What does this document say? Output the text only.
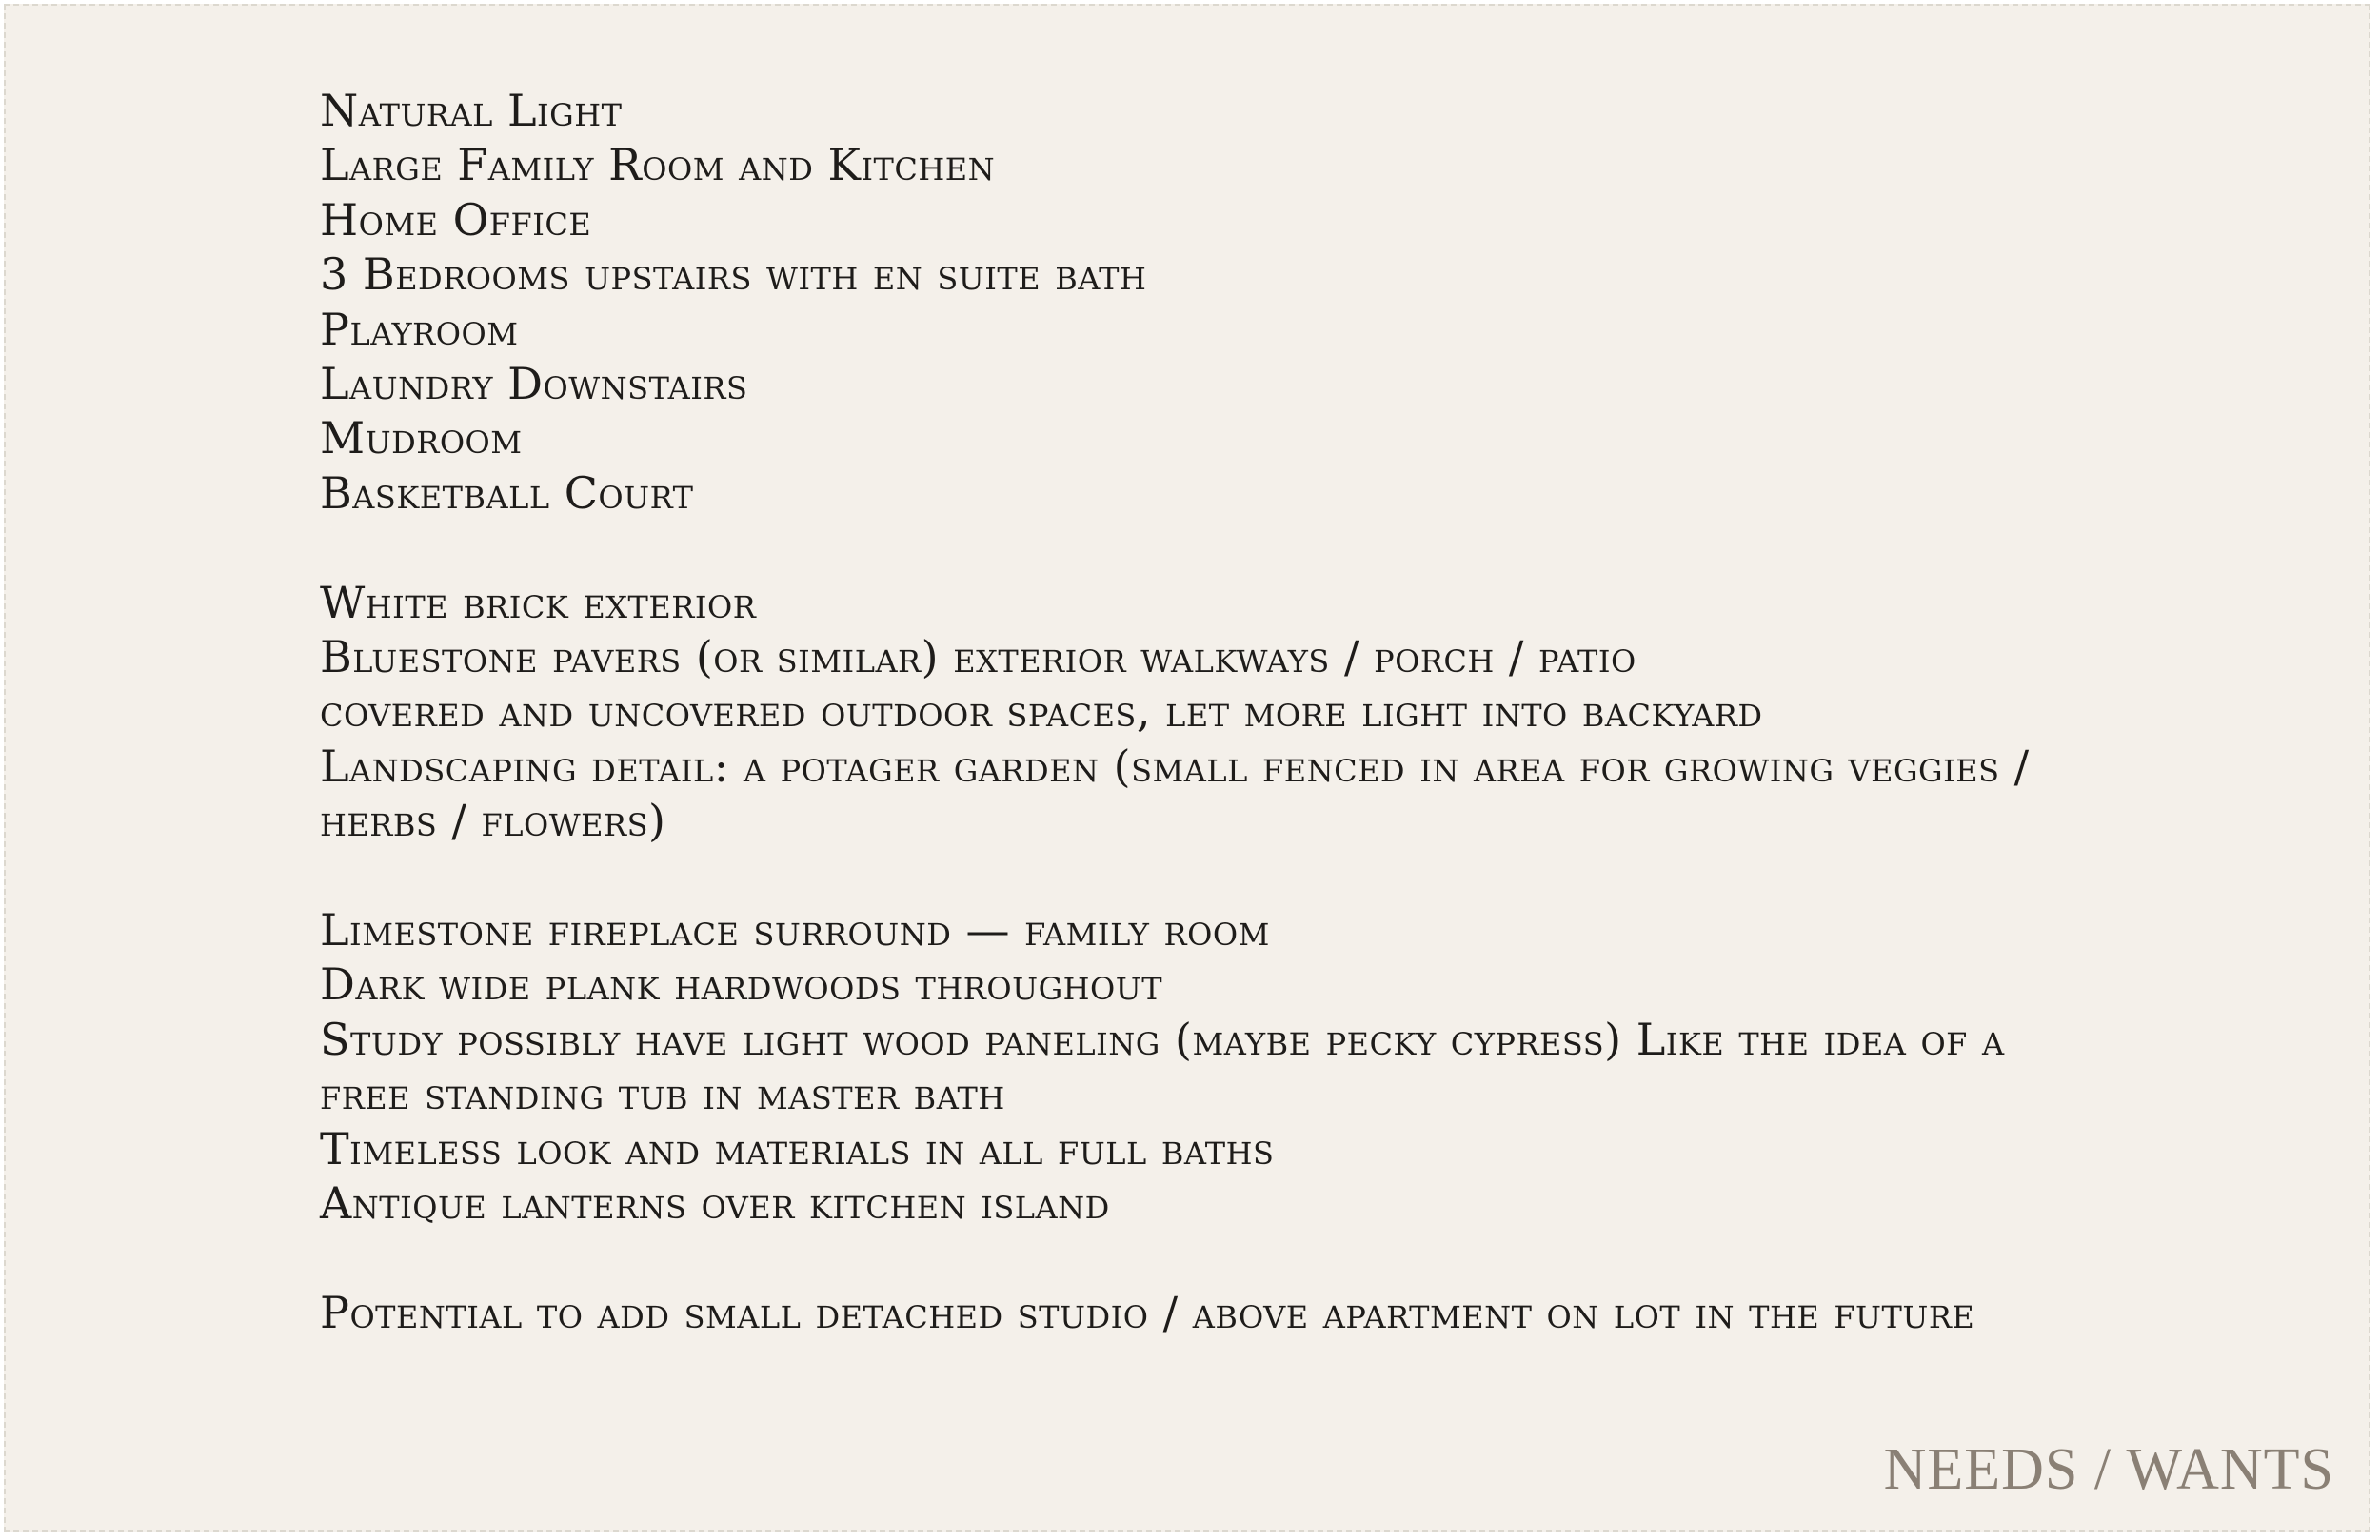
Natural Light
Large Family Room and Kitchen
Home Office
3 Bedrooms upstairs with en suite bath
Playroom
Laundry Downstairs
Mudroom
Basketball Court
White brick exterior
Bluestone pavers (or similar) exterior walkways / porch / patio
covered and uncovered outdoor spaces, let more light into backyard
Landscaping detail: a potager garden (small fenced in area for growing veggies / herbs / flowers)
Limestone fireplace surround — family room
Dark wide plank hardwoods throughout
Study possibly have light wood paneling (maybe pecky cypress) Like the idea of a free standing tub in master bath
Timeless look and materials in all full baths
Antique lanterns over kitchen island
Potential to add small detached studio / above apartment on lot in the future
NEEDS / WANTS
